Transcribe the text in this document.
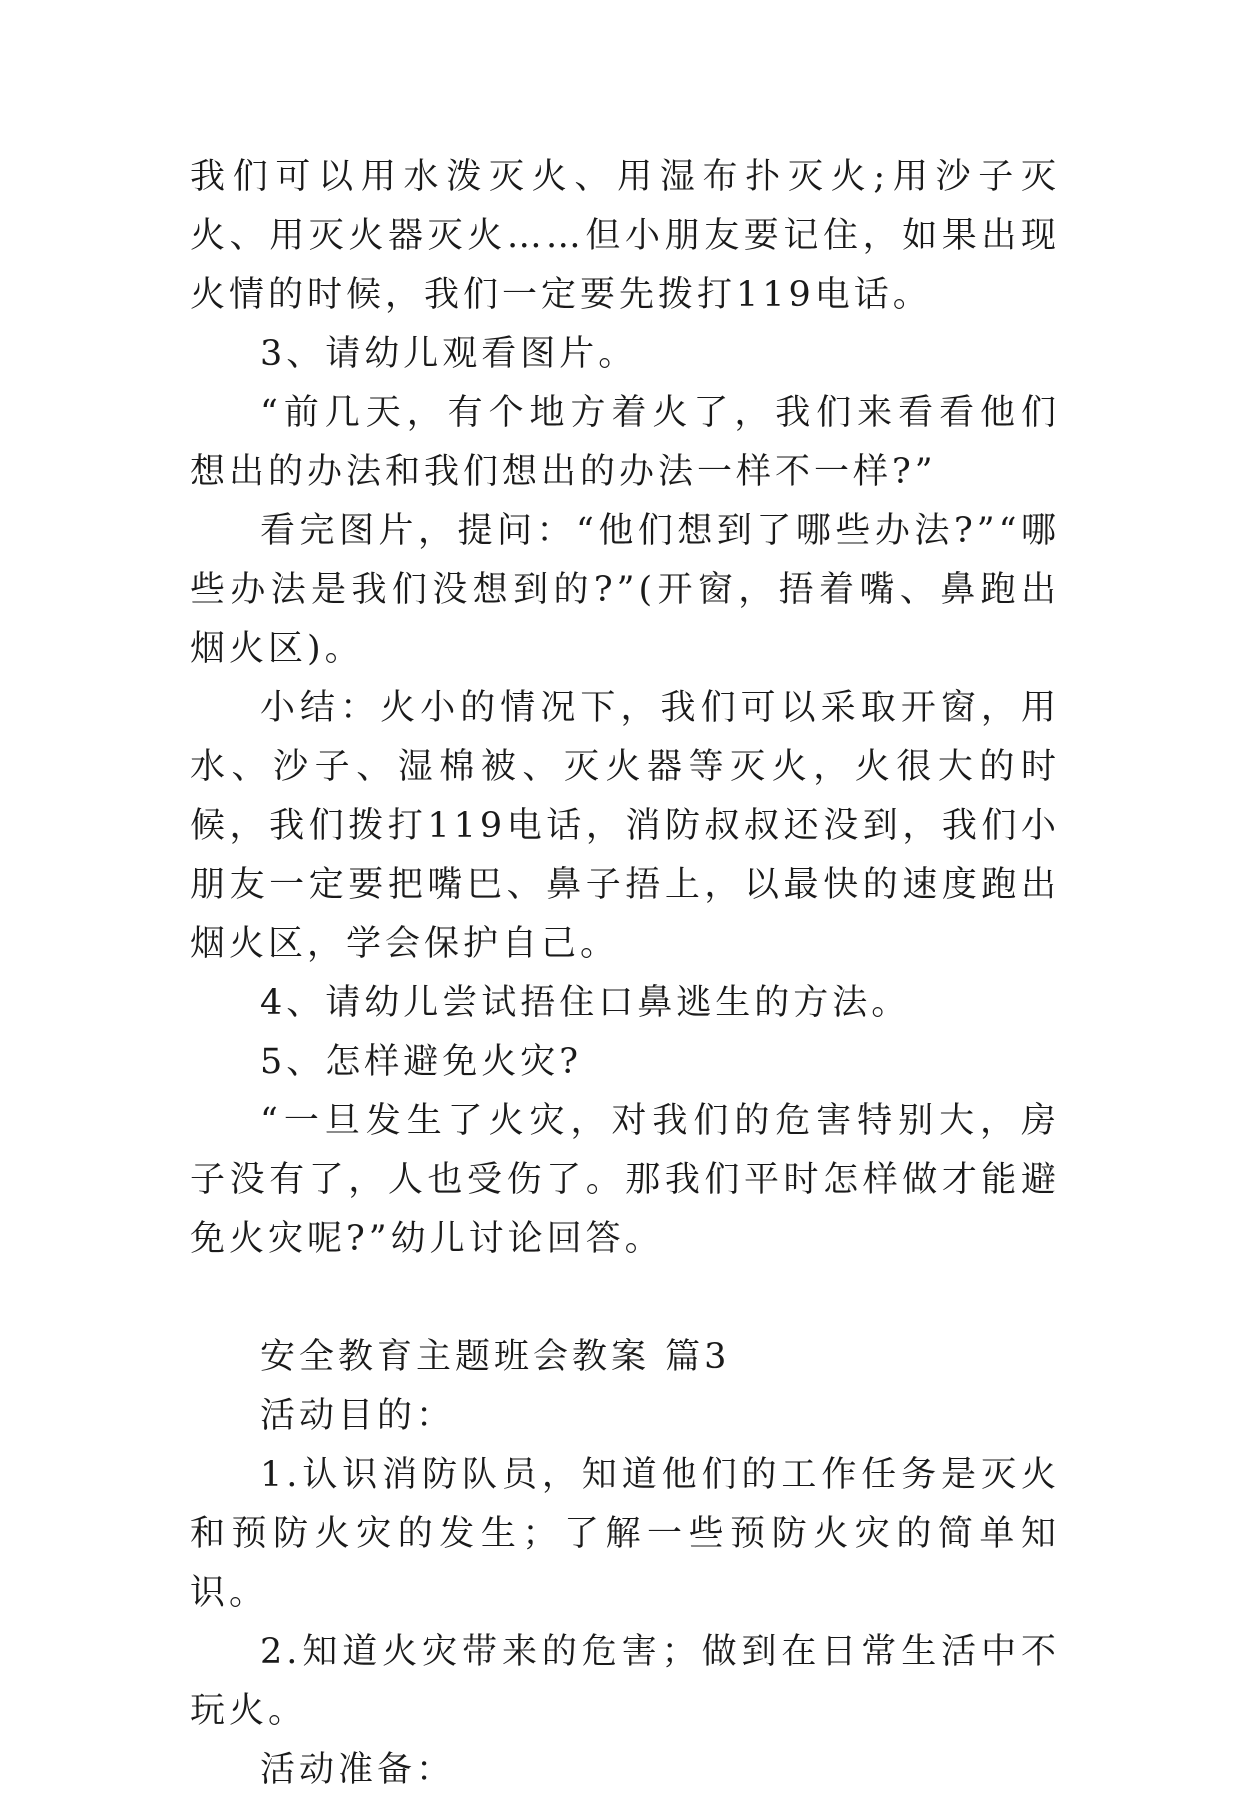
我们可以用水泼灭火、用湿布扑灭火;用沙子灭火、用灭火器灭火……但小朋友要记住，如果出现火情的时候，我们一定要先拨打119电话。

3、请幼儿观看图片。

“前几天，有个地方着火了，我们来看看他们想出的办法和我们想出的办法一样不一样?”

看完图片，提问：“他们想到了哪些办法?”“哪些办法是我们没想到的?”(开窗，捂着嘴、鼻跑出烟火区)。

小结：火小的情况下，我们可以采取开窗，用水、沙子、湿棉被、灭火器等灭火，火很大的时候，我们拨打119电话，消防叔叔还没到，我们小朋友一定要把嘴巴、鼻子捂上，以最快的速度跑出烟火区，学会保护自己。

4、请幼儿尝试捂住口鼻逃生的方法。

5、怎样避免火灾?

“一旦发生了火灾，对我们的危害特别大，房子没有了，人也受伤了。那我们平时怎样做才能避免火灾呢?”幼儿讨论回答。

安全教育主题班会教案 篇3

活动目的：

1.认识消防队员，知道他们的工作任务是灭火和预防火灾的发生；了解一些预防火灾的简单知识。

2.知道火灾带来的危害；做到在日常生活中不玩火。

活动准备：
